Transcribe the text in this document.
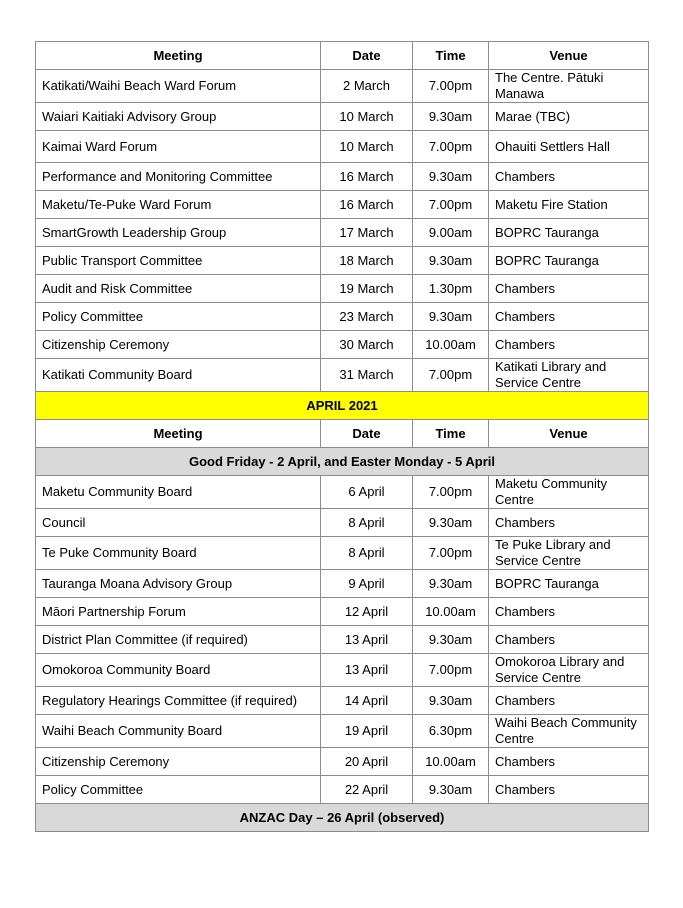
Meeting	Date	Time	Venue
Katikati/Waihi Beach Ward Forum	2 March	7.00pm	The Centre. Pātuki Manawa
Waiari Kaitiaki Advisory Group	10 March	9.30am	Marae (TBC)
Kaimai Ward Forum	10 March	7.00pm	Ohauiti Settlers Hall
Performance and Monitoring Committee	16 March	9.30am	Chambers
Maketu/Te-Puke Ward Forum	16 March	7.00pm	Maketu Fire Station
SmartGrowth Leadership Group	17 March	9.00am	BOPRC Tauranga
Public Transport Committee	18 March	9.30am	BOPRC Tauranga
Audit and Risk Committee	19 March	1.30pm	Chambers
Policy Committee	23 March	9.30am	Chambers
Citizenship Ceremony	30 March	10.00am	Chambers
Katikati Community Board	31 March	7.00pm	Katikati Library and Service Centre
APRIL 2021			
Meeting	Date	Time	Venue
Good Friday - 2 April, and Easter Monday - 5 April			
Maketu Community Board	6 April	7.00pm	Maketu Community Centre
Council	8 April	9.30am	Chambers
Te Puke Community Board	8 April	7.00pm	Te Puke Library and Service Centre
Tauranga Moana Advisory Group	9 April	9.30am	BOPRC Tauranga
Māori Partnership Forum	12 April	10.00am	Chambers
District Plan Committee (if required)	13 April	9.30am	Chambers
Omokoroa Community Board	13 April	7.00pm	Omokoroa Library and Service Centre
Regulatory Hearings Committee (if required)	14 April	9.30am	Chambers
Waihi Beach Community Board	19 April	6.30pm	Waihi Beach Community Centre
Citizenship Ceremony	20 April	10.00am	Chambers
Policy Committee	22 April	9.30am	Chambers
ANZAC Day – 26 April (observed)			
